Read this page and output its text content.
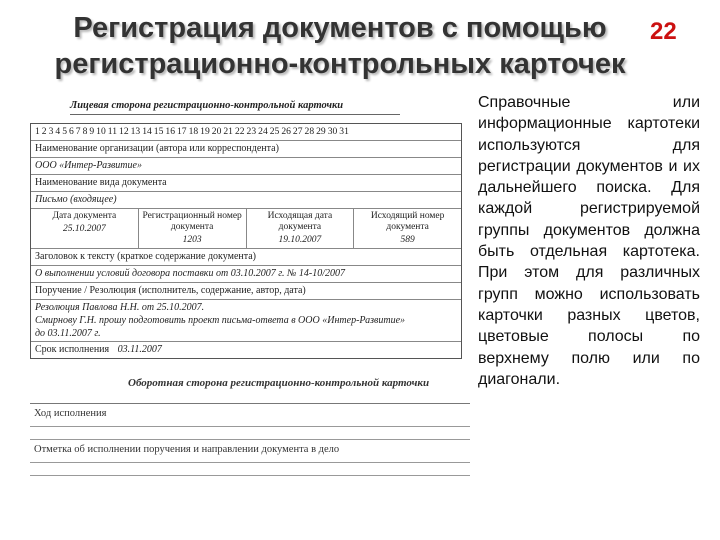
Регистрация документов с помощью регистрационно-контрольных карточек
22
Лицевая сторона регистрационно-контрольной карточки
1 2 3 4 5 6 7 8 9 10 11 12 13 14 15 16 17 18 19 20 21 22 23 24 25 26 27 28 29 30 31
Наименование организации (автора или корреспондента)
ООО «Интер-Развитие»
Наименование вида документа
Письмо (входящее)
Дата документа
25.10.2007
Регистрационный номер документа
1203
Исходящая дата документа
19.10.2007
Исходящий номер документа
589
Заголовок к тексту (краткое содержание документа)
О выполнении условий договора поставки от 03.10.2007 г. № 14-10/2007
Поручение / Резолюция (исполнитель, содержание, автор, дата)
Резолюция Павлова Н.Н. от 25.10.2007.
Смирнову Г.Н. прошу подготовить проект письма-ответа в ООО «Интер-Развитие»
до 03.11.2007 г.
Срок исполнения 03.11.2007
Оборотная сторона регистрационно-контрольной карточки
Ход исполнения
Отметка об исполнении поручения и направлении документа в дело

Справочные или информационные картотеки используются для регистрации документов и их дальнейшего поиска. Для каждой регистрируемой группы документов должна быть отдельная картотека. При этом для различных групп можно использовать карточки разных цветов, цветовые полосы по верхнему полю или по диагонали.
